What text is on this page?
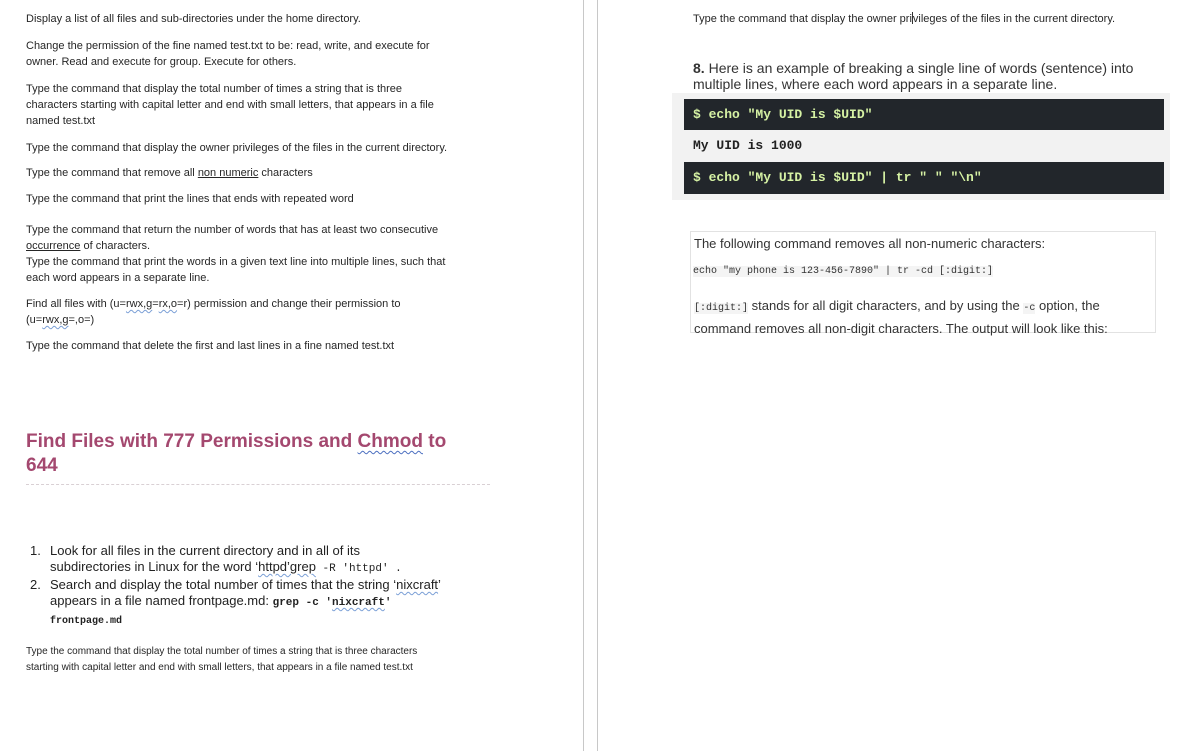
Display a list of all files and sub-directories under the home directory.

Change the permission of the fine named test.txt to be: read, write, and execute for
owner. Read and execute for group. Execute for others.

Type the command that display the total number of times a string that is three
characters starting with capital letter and end with small letters, that appears in a file
named test.txt

Type the command that display the owner privileges of the files in the current directory.

Type the command that remove all non numeric characters

Type the command that print the lines that ends with repeated word

Type the command that return the number of words that has at least two consecutive
occurrence of characters.
Type the command that print the words in a given text line into multiple lines, such that
each word appears in a separate line.

Find all files with (u=rwx,g=rx,o=r) permission and change their permission to
(u=rwx,g=,o=)

Type the command that delete the first and last lines in a fine named test.txt

Find Files with 777 Permissions and Chmod to
644
1. Look for all files in the current directory and in all of its
subdirectories in Linux for the word ‘httpd’grep -R 'httpd' .
2. Search and display the total number of times that the string ‘nixcraft’
appears in a file named frontpage.md: grep -c 'nixcraft'
frontpage.md

Type the command that display the total number of times a string that is three characters
starting with capital letter and end with small letters, that appears in a file named test.txt

Type the command that display the owner privileges of the files in the current directory.

8. Here is an example of breaking a single line of words (sentence) into multiple lines, where each word appears in a separate line.
$ echo "My UID is $UID"
My UID is 1000
$ echo "My UID is $UID" | tr " " "\n"
The following command removes all non-numeric characters:
echo "my phone is 123-456-7890" | tr -cd [:digit:]
[:digit:] stands for all digit characters, and by using the -c option, the command removes all non-digit characters. The output will look like this:
